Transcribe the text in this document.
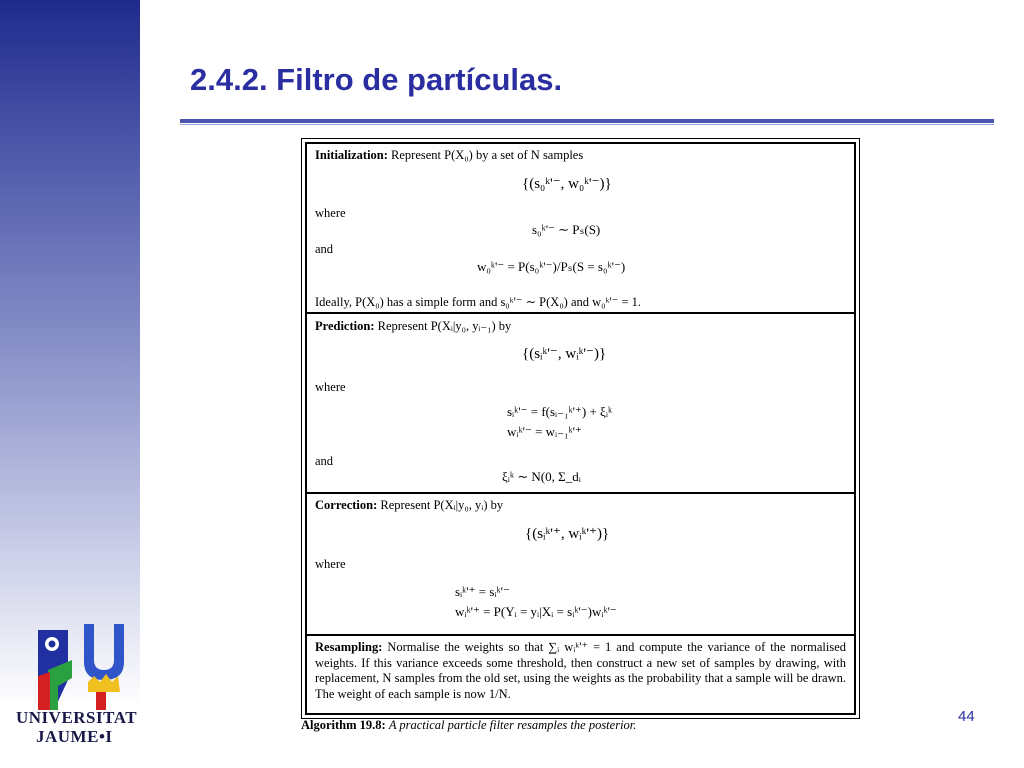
2.4.2. Filtro de partículas.
UNIVERSITAT
JAUME•I
44
Initialization: Represent P(X₀) by a set of N samples
{(s₀ᵏ'⁻, w₀ᵏ'⁻)}
where
s₀ᵏ'⁻ ∼ Pₛ(S)
and
w₀ᵏ'⁻ = P(s₀ᵏ'⁻)/Pₛ(S = s₀ᵏ'⁻)
Ideally, P(X₀) has a simple form and s₀ᵏ'⁻ ∼ P(X₀) and w₀ᵏ'⁻ = 1.
Prediction: Represent P(Xᵢ|y₀, yᵢ₋₁) by
{(sᵢᵏ'⁻, wᵢᵏ'⁻)}
where
sᵢᵏ'⁻ = f(sᵢ₋₁ᵏ'⁺) + ξᵢᵏ
wᵢᵏ'⁻ = wᵢ₋₁ᵏ'⁺
and
ξᵢᵏ ∼ N(0, Σ_dᵢ
Correction: Represent P(Xᵢ|y₀, yᵢ) by
{(sᵢᵏ'⁺, wᵢᵏ'⁺)}
where
sᵢᵏ'⁺ = sᵢᵏ'⁻
wᵢᵏ'⁺ = P(Yᵢ = yᵢ|Xᵢ = sᵢᵏ'⁻)wᵢᵏ'⁻
Resampling: Normalise the weights so that ∑ᵢ wᵢᵏ'⁺ = 1 and compute the variance of the normalised weights. If this variance exceeds some threshold, then construct a new set of samples by drawing, with replacement, N samples from the old set, using the weights as the probability that a sample will be drawn. The weight of each sample is now 1/N.
Algorithm 19.8: A practical particle filter resamples the posterior.
